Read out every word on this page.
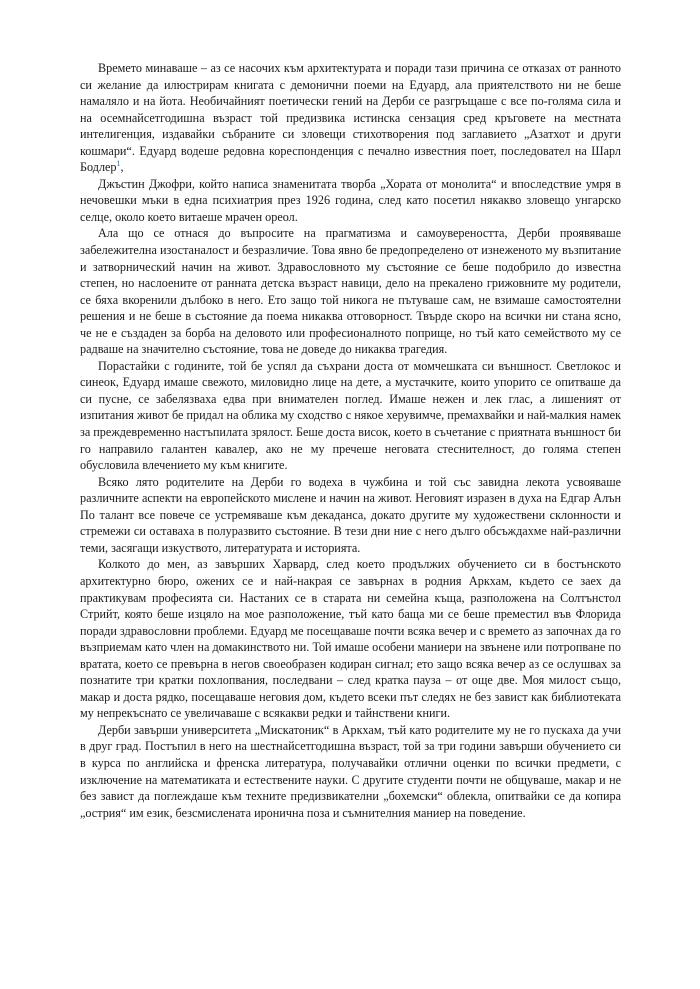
Времето минаваше – аз се насочих към архитектурата и поради тази причина се отказах от ранното си желание да илюстрирам книгата с демонични поеми на Едуард, ала приятелството ни не беше намаляло и на йота. Необичайният поетически гений на Дерби се разгръщаше с все по-голяма сила и на осемнайсетгодишна възраст той предизвика истинска сензация сред кръговете на местната интелигенция, издавайки събраните си зловещи стихотворения под заглавието „Азатхот и други кошмари“. Едуард водеше редовна кореспонденция с печално известния поет, последовател на Шарл Бодлер$^1$,

Джъстин Джофри, който написа знаменитата творба „Хората от монолита“ и впоследствие умря в нечовешки мъки в една психиатрия през 1926 година, след като посетил някакво зловещо унгарско селце, около което витаеше мрачен ореол.

Ала що се отнася до въпросите на прагматизма и самоувереността, Дерби проявяваше забележителна изостаналост и безразличие. Това явно бе предопределено от изнеженото му възпитание и затворнический начин на живот. Здравословното му състояние се беше подобрило до известна степен, но наслоените от ранната детска възраст навици, дело на прекалено грижовните му родители, се бяха вкоренили дълбоко в него. Ето защо той никога не пътуваше сам, не взимаше самостоятелни решения и не беше в състояние да поема никаква отговорност. Твърде скоро на всички ни стана ясно, че не е създаден за борба на деловото или професионалното поприще, но тъй като семейството му се радваше на значително състояние, това не доведе до никаква трагедия.

Порастайки с годините, той бе успял да съхрани доста от момчешката си външност. Светлокос и синеок, Едуард имаше свежото, миловидно лице на дете, а мустачките, които упорито се опитваше да си пусне, се забелязваха едва при внимателен поглед. Имаше нежен и лек глас, а лишеният от изпитания живот бе придал на облика му сходство с някое херувимче, премахвайки и най-малкия намек за преждевременно настъпилата зрялост. Беше доста висок, което в съчетание с приятната външност би го направило галантен кавалер, ако не му пречеше неговата стеснителност, до голяма степен обусловила влечението му към книгите.

Всяко лято родителите на Дерби го водеха в чужбина и той със завидна лекота усвояваше различните аспекти на европейското мислене и начин на живот. Неговият изразен в духа на Едгар Алън По талант все повече се устремяваше към декаданса, докато другите му художествени склонности и стремежи си оставаха в полуразвито състояние. В тези дни ние с него дълго обсъждахме най-различни теми, засягащи изкуството, литературата и историята.

Колкото до мен, аз завърших Харвард, след което продължих обучението си в бостънското архитектурно бюро, ожених се и най-накрая се завърнах в родния Аркхам, където се заех да практикувам професията си. Настаних се в старата ни семейна къща, разположена на Солтънстол Стрийт, която беше изцяло на мое разположение, тъй като баща ми се беше преместил във Флорида поради здравословни проблеми. Едуард ме посещаваше почти всяка вечер и с времето аз започнах да го възприемам като член на домакинството ни. Той имаше особени маниери на звънене или потропване по вратата, което се превърна в негов своеобразен кодиран сигнал; ето защо всяка вечер аз се ослушвах за познатите три кратки похлопвания, последвани – след кратка пауза – от още две. Моя милост също, макар и доста рядко, посещаваше неговия дом, където всеки път следях не без завист как библиотеката му непрекъснато се увеличаваше с всякакви редки и тайнствени книги.

Дерби завърши университета „Мискатоник“ в Аркхам, тъй като родителите му не го пускаха да учи в друг град. Постъпил в него на шестнайсетгодишна възраст, той за три години завърши обучението си в курса по английска и френска литература, получавайки отлични оценки по всички предмети, с изключение на математиката и естествените науки. С другите студенти почти не общуваше, макар и не без завист да поглеждаше към техните предизвикателни „бохемски“ облекла, опитвайки се да копира „острия“ им език, безсмислената иронична поза и съмнителния маниер на поведение.
